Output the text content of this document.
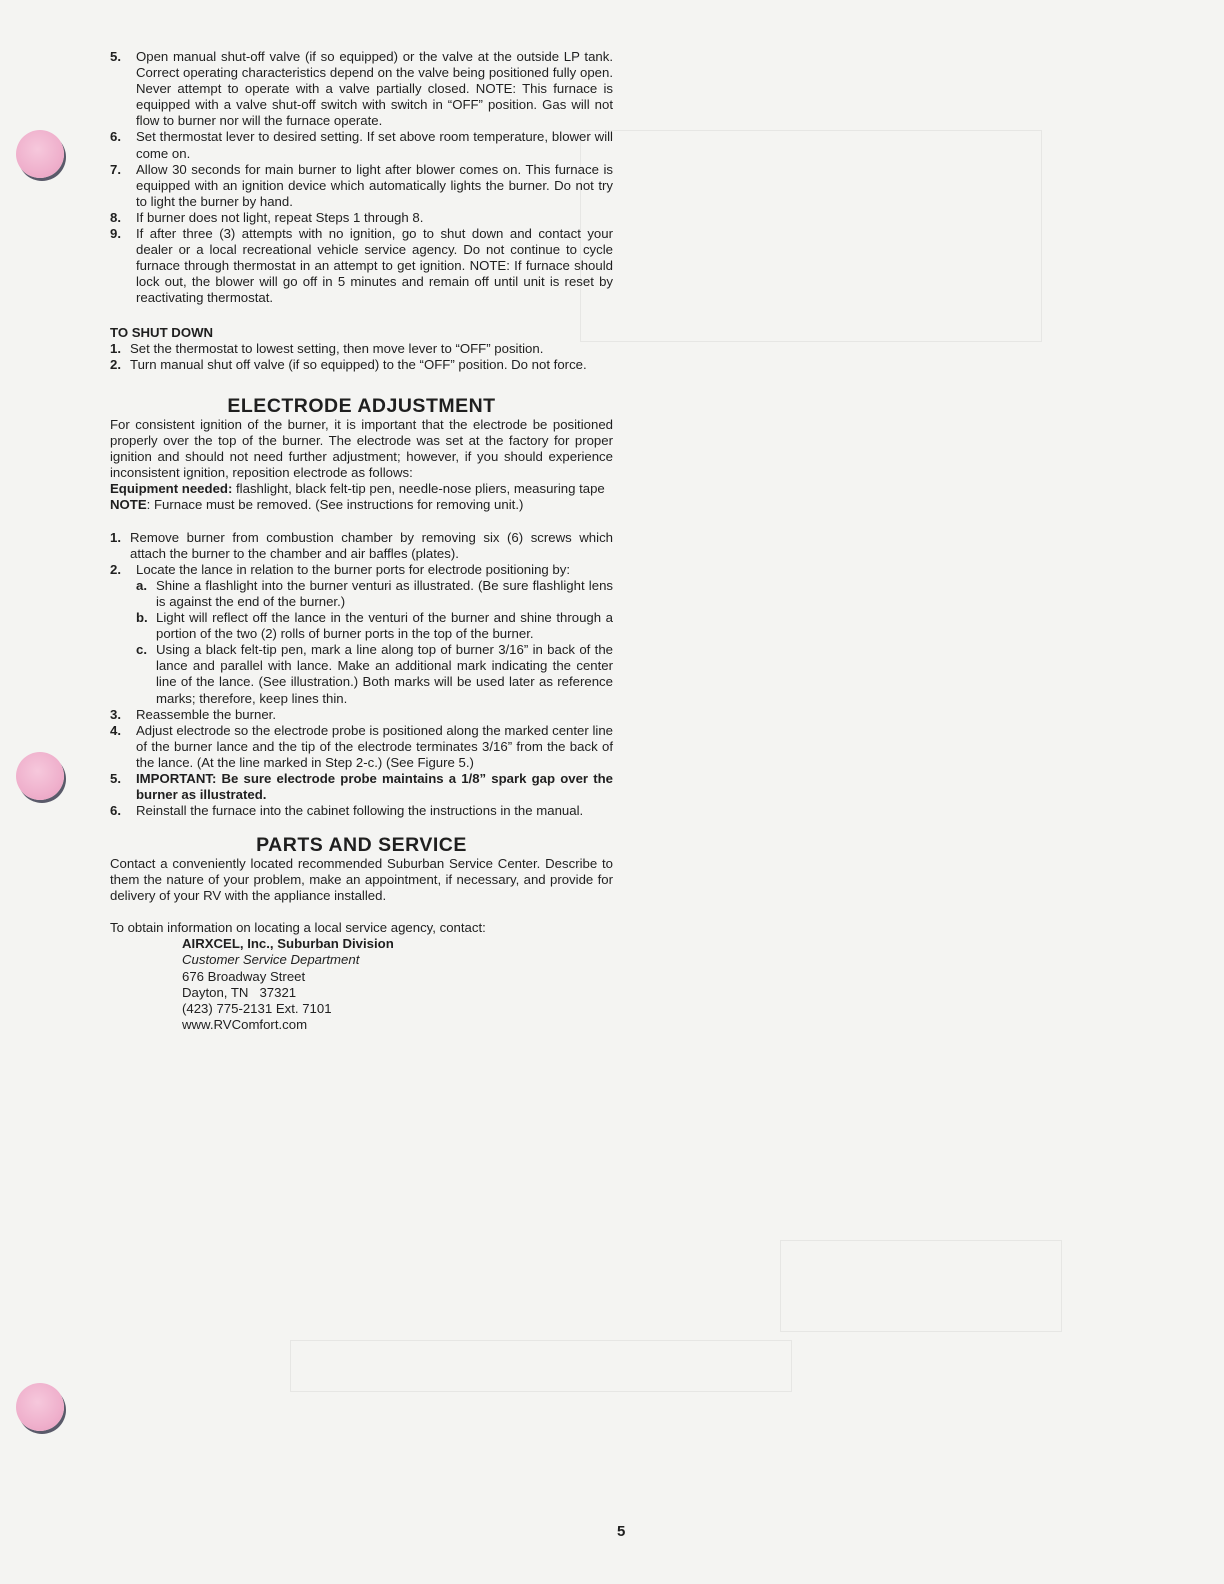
5. Open manual shut-off valve (if so equipped) or the valve at the outside LP tank. Correct operating characteristics depend on the valve being positioned fully open. Never attempt to operate with a valve partially closed. NOTE: This furnace is equipped with a valve shut-off switch with switch in “OFF” position. Gas will not flow to burner nor will the furnace operate.
6. Set thermostat lever to desired setting. If set above room temperature, blower will come on.
7. Allow 30 seconds for main burner to light after blower comes on. This furnace is equipped with an ignition device which automatically lights the burner. Do not try to light the burner by hand.
8. If burner does not light, repeat Steps 1 through 8.
9. If after three (3) attempts with no ignition, go to shut down and contact your dealer or a local recreational vehicle service agency. Do not continue to cycle furnace through thermostat in an attempt to get ignition. NOTE: If furnace should lock out, the blower will go off in 5 minutes and remain off until unit is reset by reactivating thermostat.
TO SHUT DOWN
1. Set the thermostat to lowest setting, then move lever to “OFF” position.
2. Turn manual shut off valve (if so equipped) to the “OFF” position. Do not force.
ELECTRODE ADJUSTMENT

For consistent ignition of the burner, it is important that the electrode be positioned properly over the top of the burner. The electrode was set at the factory for proper ignition and should not need further adjustment; however, if you should experience inconsistent ignition, reposition electrode as follows:

Equipment needed: flashlight, black felt-tip pen, needle-nose pliers, measuring tape

NOTE: Furnace must be removed. (See instructions for removing unit.)

1. Remove burner from combustion chamber by removing six (6) screws which attach the burner to the chamber and air baffles (plates).
2. Locate the lance in relation to the burner ports for electrode positioning by:
a. Shine a flashlight into the burner venturi as illustrated. (Be sure flashlight lens is against the end of the burner.)
b. Light will reflect off the lance in the venturi of the burner and shine through a portion of the two (2) rolls of burner ports in the top of the burner.
c. Using a black felt-tip pen, mark a line along top of burner 3/16” in back of the lance and parallel with lance. Make an additional mark indicating the center line of the lance. (See illustration.) Both marks will be used later as reference marks; therefore, keep lines thin.
3. Reassemble the burner.
4. Adjust electrode so the electrode probe is positioned along the marked center line of the burner lance and the tip of the electrode terminates 3/16” from the back of the lance. (At the line marked in Step 2-c.) (See Figure 5.)
5. IMPORTANT: Be sure electrode probe maintains a 1/8” spark gap over the burner as illustrated.
6. Reinstall the furnace into the cabinet following the instructions in the manual.
PARTS AND SERVICE

Contact a conveniently located recommended Suburban Service Center. Describe to them the nature of your problem, make an appointment, if necessary, and provide for delivery of your RV with the appliance installed.

To obtain information on locating a local service agency, contact:

AIRXCEL, Inc., Suburban Division
Customer Service Department
676 Broadway Street
Dayton, TN   37321
(423) 775-2131 Ext. 7101
www.RVComfort.com
5
